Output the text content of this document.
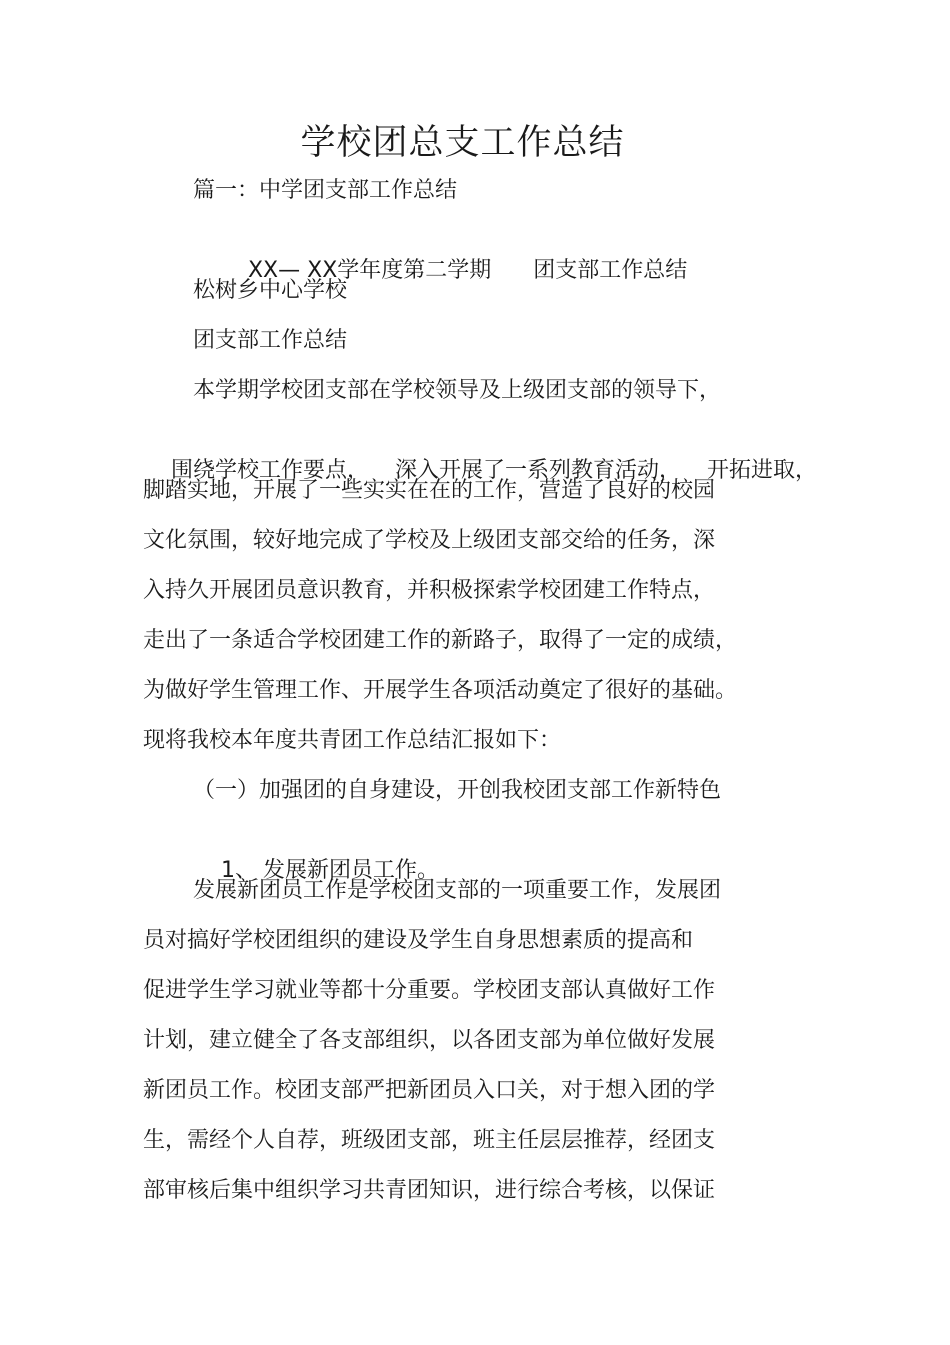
学校团总支工作总结
篇一：中学团支部工作总结

XX— XX学年度第二学期 团支部工作总结

松树乡中心学校
团支部工作总结
本学期学校团支部在学校领导及上级团支部的领导下，

围绕学校工作要点， 深入开展了一系列教育活动， 开拓进取，

脚踏实地，开展了一些实实在在的工作，营造了良好的校园
文化氛围，较好地完成了学校及上级团支部交给的任务，深
入持久开展团员意识教育，并积极探索学校团建工作特点，
走出了一条适合学校团建工作的新路子，取得了一定的成绩，
为做好学生管理工作、开展学生各项活动奠定了很好的基础。
现将我校本年度共青团工作总结汇报如下：
（一）加强团的自身建设，开创我校团支部工作新特色

1、 发展新团员工作。

发展新团员工作是学校团支部的一项重要工作，发展团
员对搞好学校团组织的建设及学生自身思想素质的提高和
促进学生学习就业等都十分重要。学校团支部认真做好工作
计划，建立健全了各支部组织，以各团支部为单位做好发展
新团员工作。校团支部严把新团员入口关，对于想入团的学
生，需经个人自荐，班级团支部，班主任层层推荐，经团支
部审核后集中组织学习共青团知识，进行综合考核，以保证
